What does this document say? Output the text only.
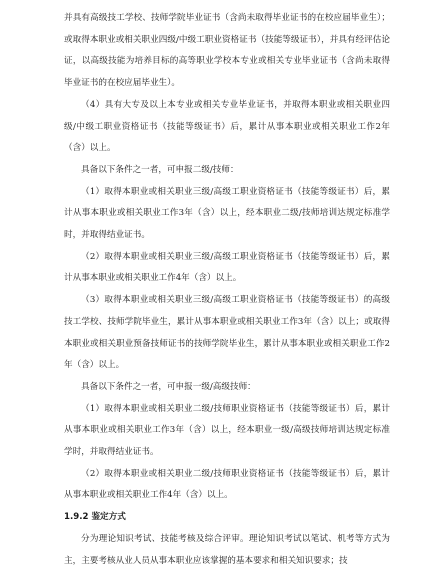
并具有高级技工学校、技师学院毕业证书（含尚未取得毕业证书的在校应届毕业生）；或取得本职业或相关职业四级/中级工职业资格证书（技能等级证书），并具有经评估论证，以高级技能为培养目标的高等职业学校本专业或相关专业毕业证书（含尚未取得毕业证书的在校应届毕业生）。

（4）具有大专及以上本专业或相关专业毕业证书，并取得本职业或相关职业四级/中级工职业资格证书（技能等级证书）后，累计从事本职业或相关职业工作2年（含）以上。

具备以下条件之一者，可申报二级/技师：

（1）取得本职业或相关职业三级/高级工职业资格证书（技能等级证书）后，累计从事本职业或相关职业工作3年（含）以上，经本职业二级/技师培训达规定标准学时，并取得结业证书。

（2）取得本职业或相关职业三级/高级工职业资格证书（技能等级证书）后，累计从事本职业或相关职业工作4年（含）以上。

（3）取得本职业或相关职业三级/高级工职业资格证书（技能等级证书）的高级技工学校、技师学院毕业生，累计从事本职业或相关职业工作3年（含）以上；或取得本职业或相关职业预备技师证书的技师学院毕业生，累计从事本职业或相关职业工作2年（含）以上。

具备以下条件之一者，可申报一级/高级技师：

（1）取得本职业或相关职业二级/技师职业资格证书（技能等级证书）后，累计从事本职业或相关职业工作3年（含）以上，经本职业一级/高级技师培训达规定标准学时，并取得结业证书。

（2）取得本职业或相关职业二级/技师职业资格证书（技能等级证书）后，累计从事本职业或相关职业工作4年（含）以上。

1.9.2 鉴定方式

分为理论知识考试、技能考核及综合评审。理论知识考试以笔试、机考等方式为主，主要考核从业人员从事本职业应该掌握的基本要求和相关知识要求；技
